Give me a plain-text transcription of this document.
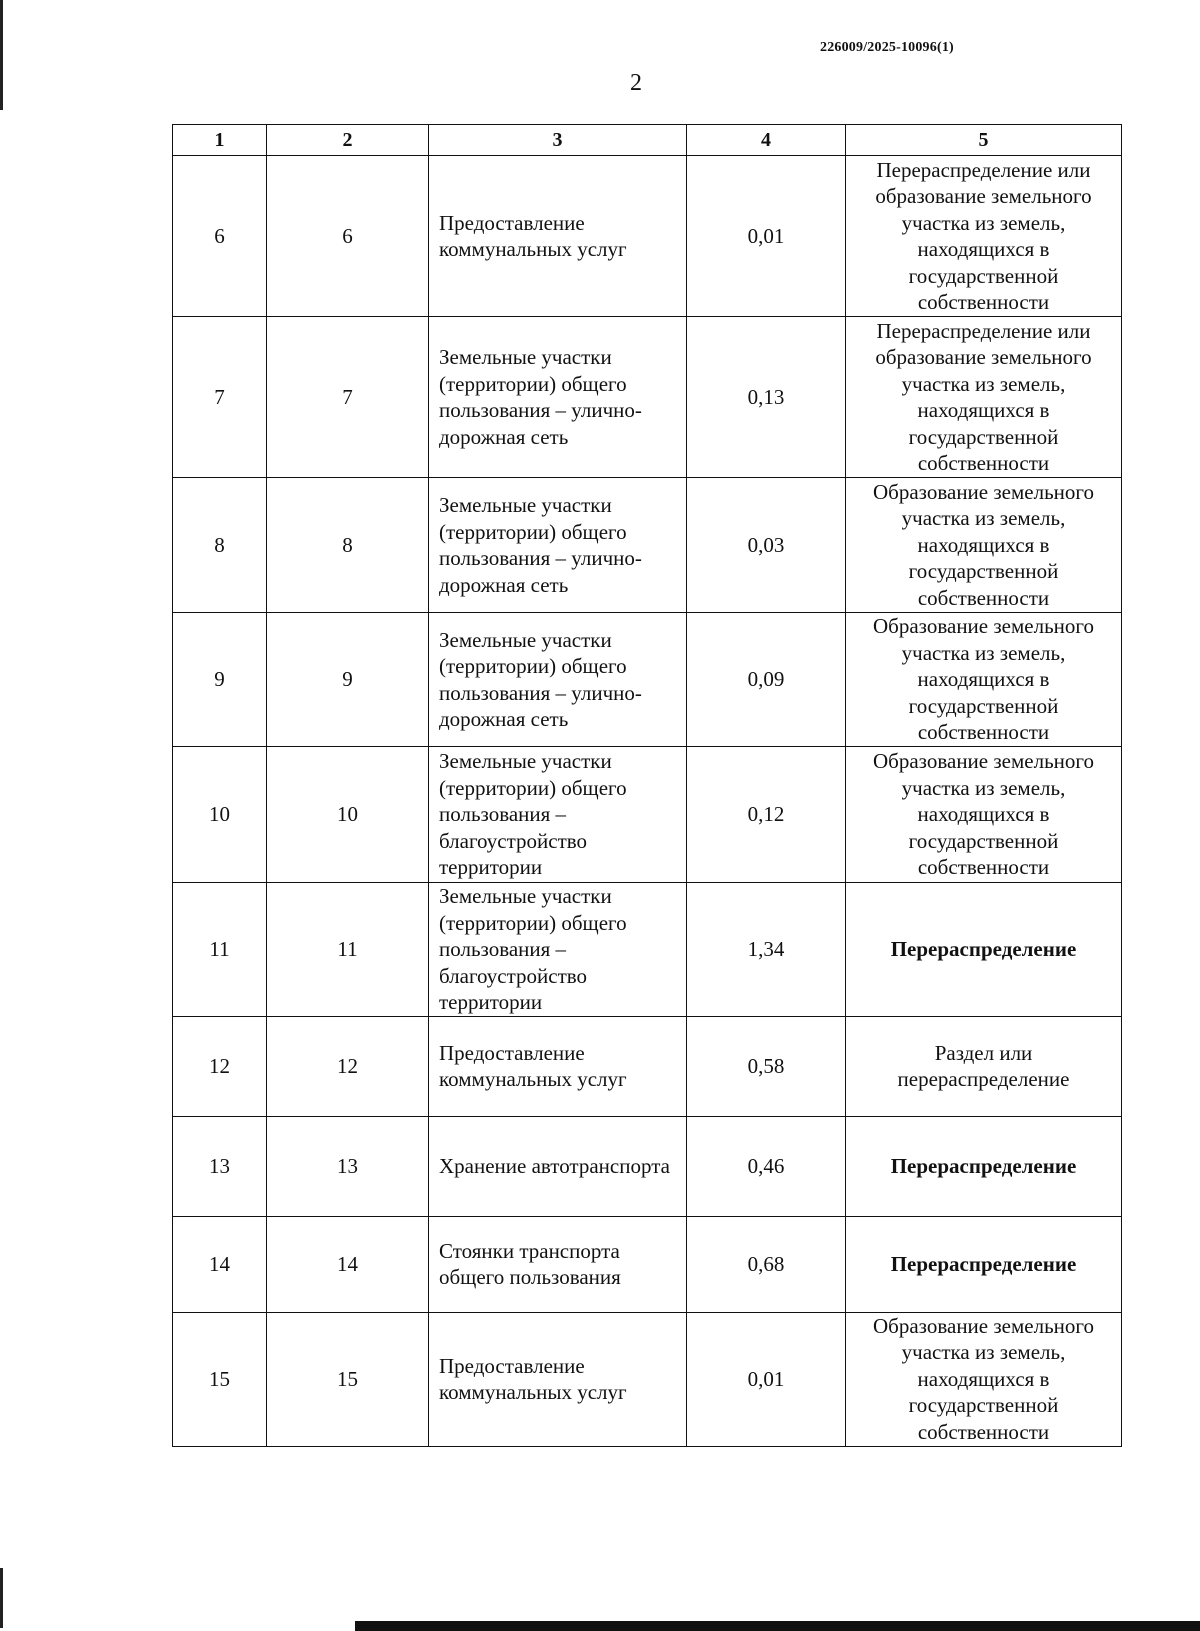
226009/2025-10096(1)
2
1	2	3	4	5
6	6	Предоставление коммунальных услуг	0,01	Перераспределение или образование земельного участка из земель, находящихся в государственной собственности
7	7	Земельные участки (территории) общего пользования – улично-дорожная сеть	0,13	Перераспределение или образование земельного участка из земель, находящихся в государственной собственности
8	8	Земельные участки (территории) общего пользования – улично-дорожная сеть	0,03	Образование земельного участка из земель, находящихся в государственной собственности
9	9	Земельные участки (территории) общего пользования – улично-дорожная сеть	0,09	Образование земельного участка из земель, находящихся в государственной собственности
10	10	Земельные участки (территории) общего пользования – благоустройство территории	0,12	Образование земельного участка из земель, находящихся в государственной собственности
11	11	Земельные участки (территории) общего пользования – благоустройство территории	1,34	Перераспределение
12	12	Предоставление коммунальных услуг	0,58	Раздел или перераспределение
13	13	Хранение автотранспорта	0,46	Перераспределение
14	14	Стоянки транспорта общего пользования	0,68	Перераспределение
15	15	Предоставление коммунальных услуг	0,01	Образование земельного участка из земель, находящихся в государственной собственности
